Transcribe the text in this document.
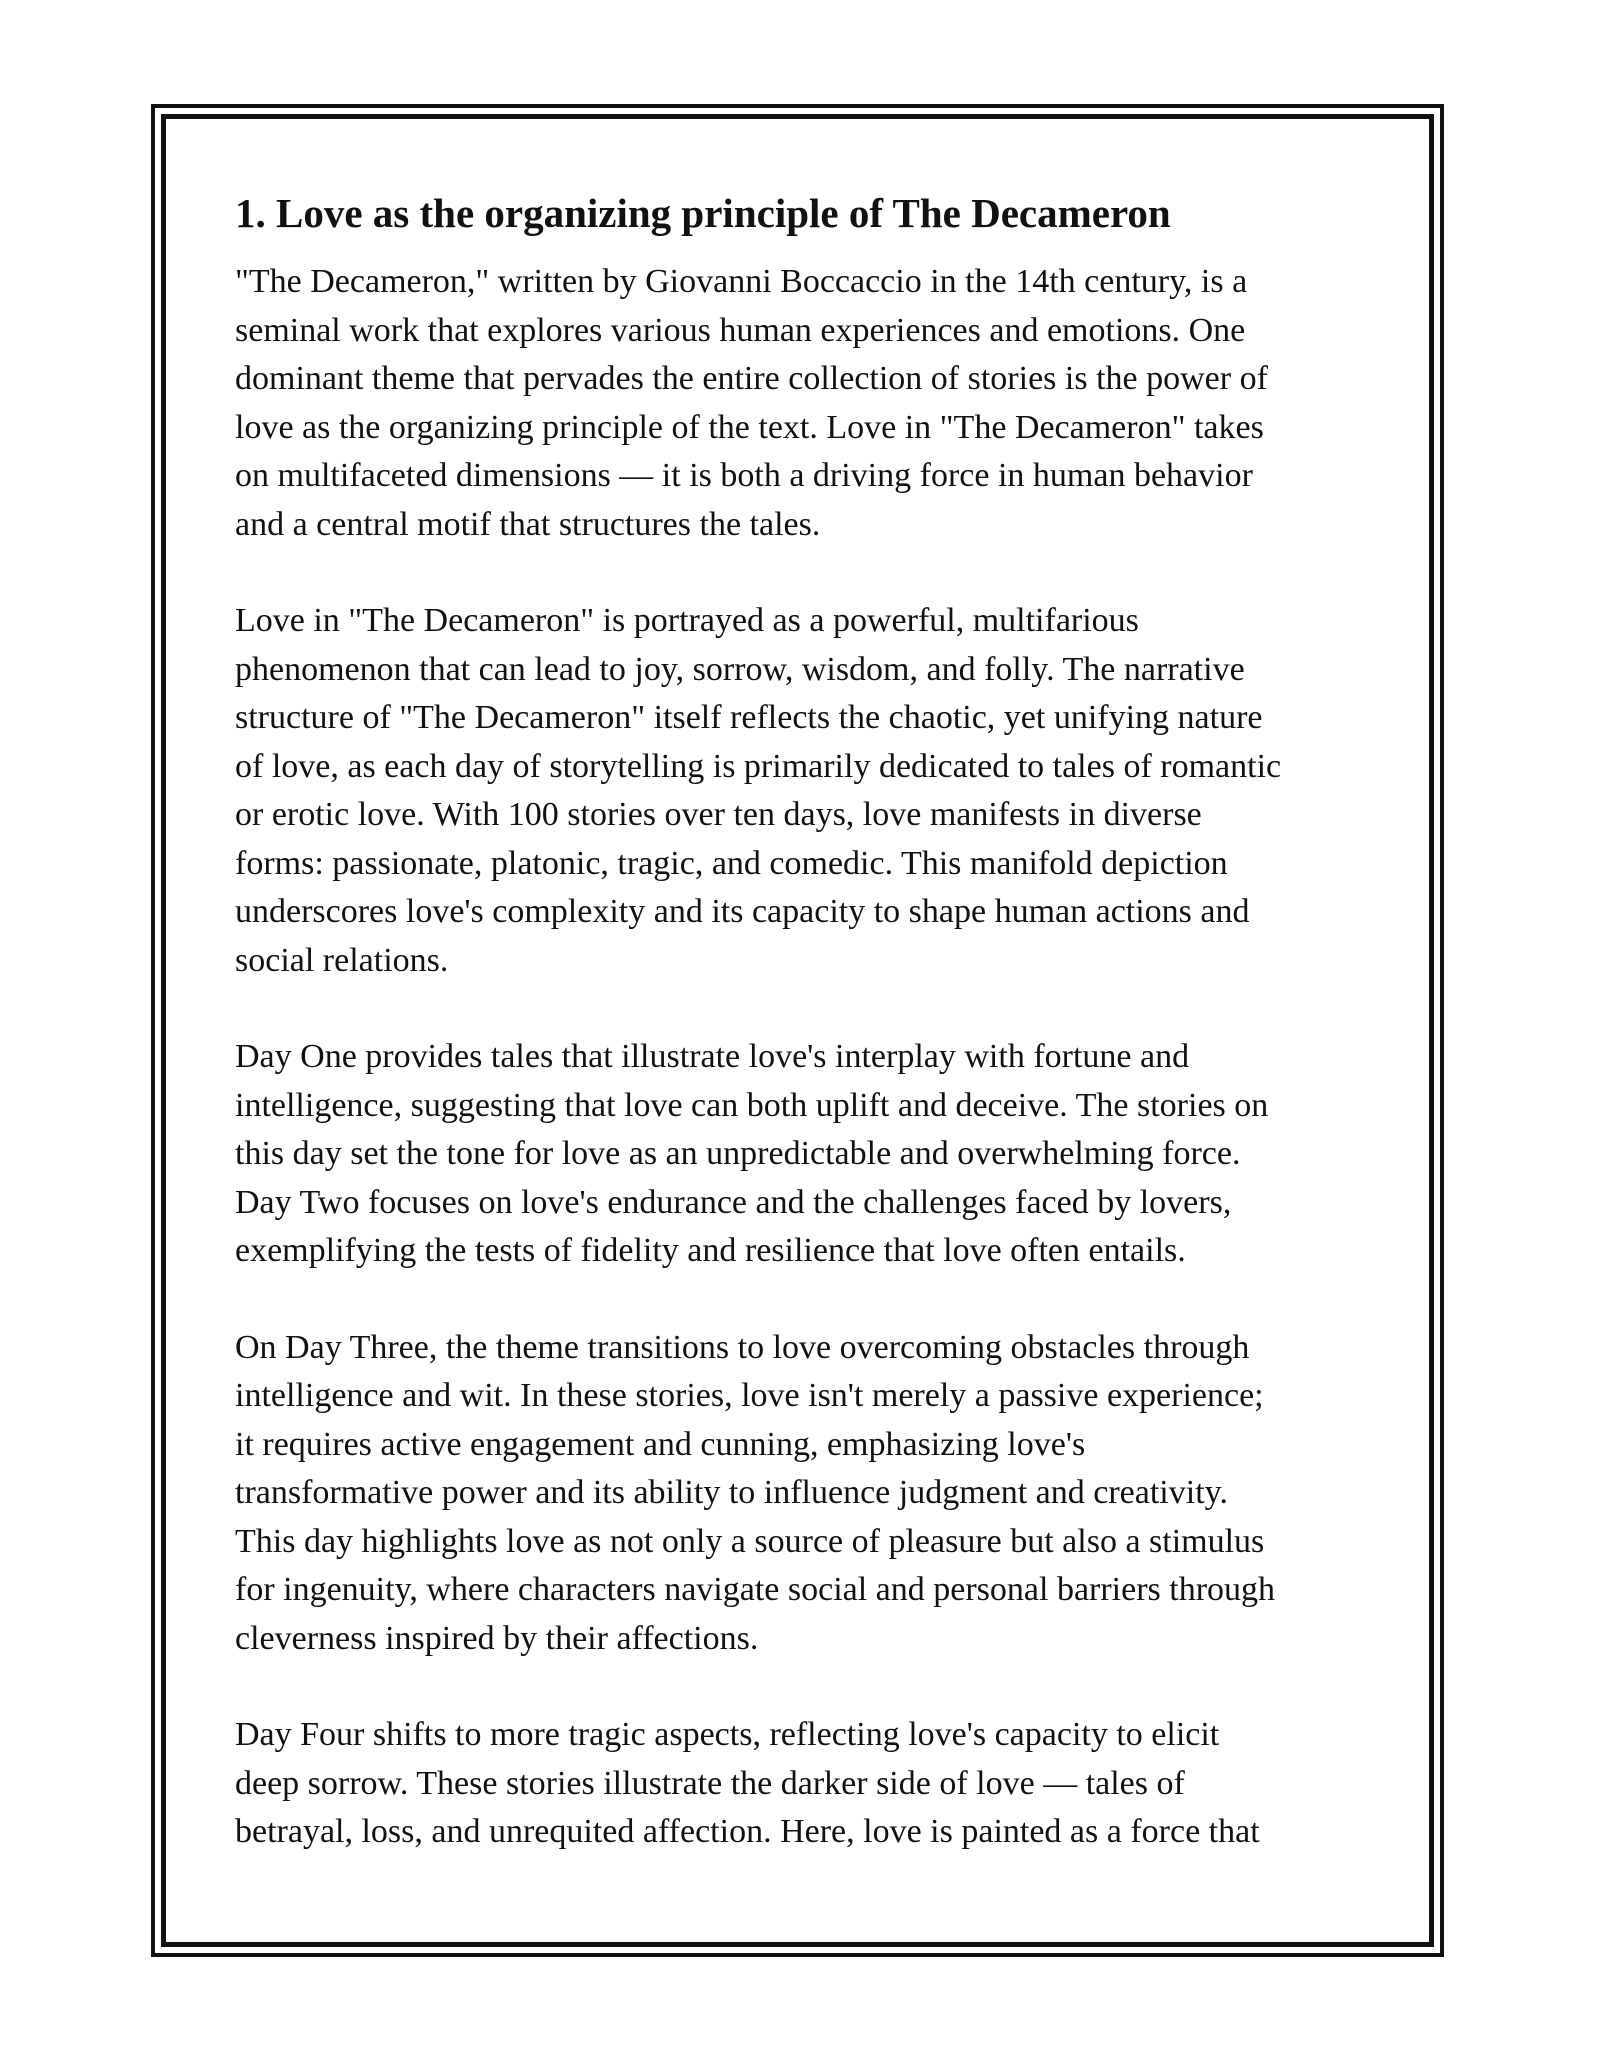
1. Love as the organizing principle of The Decameron

"The Decameron," written by Giovanni Boccaccio in the 14th century, is a
seminal work that explores various human experiences and emotions. One
dominant theme that pervades the entire collection of stories is the power of
love as the organizing principle of the text. Love in "The Decameron" takes
on multifaceted dimensions — it is both a driving force in human behavior
and a central motif that structures the tales.

Love in "The Decameron" is portrayed as a powerful, multifarious
phenomenon that can lead to joy, sorrow, wisdom, and folly. The narrative
structure of "The Decameron" itself reflects the chaotic, yet unifying nature
of love, as each day of storytelling is primarily dedicated to tales of romantic
or erotic love. With 100 stories over ten days, love manifests in diverse
forms: passionate, platonic, tragic, and comedic. This manifold depiction
underscores love's complexity and its capacity to shape human actions and
social relations.

Day One provides tales that illustrate love's interplay with fortune and
intelligence, suggesting that love can both uplift and deceive. The stories on
this day set the tone for love as an unpredictable and overwhelming force.
Day Two focuses on love's endurance and the challenges faced by lovers,
exemplifying the tests of fidelity and resilience that love often entails.

On Day Three, the theme transitions to love overcoming obstacles through
intelligence and wit. In these stories, love isn't merely a passive experience;
it requires active engagement and cunning, emphasizing love's
transformative power and its ability to influence judgment and creativity.
This day highlights love as not only a source of pleasure but also a stimulus
for ingenuity, where characters navigate social and personal barriers through
cleverness inspired by their affections.

Day Four shifts to more tragic aspects, reflecting love's capacity to elicit
deep sorrow. These stories illustrate the darker side of love — tales of
betrayal, loss, and unrequited affection. Here, love is painted as a force that
